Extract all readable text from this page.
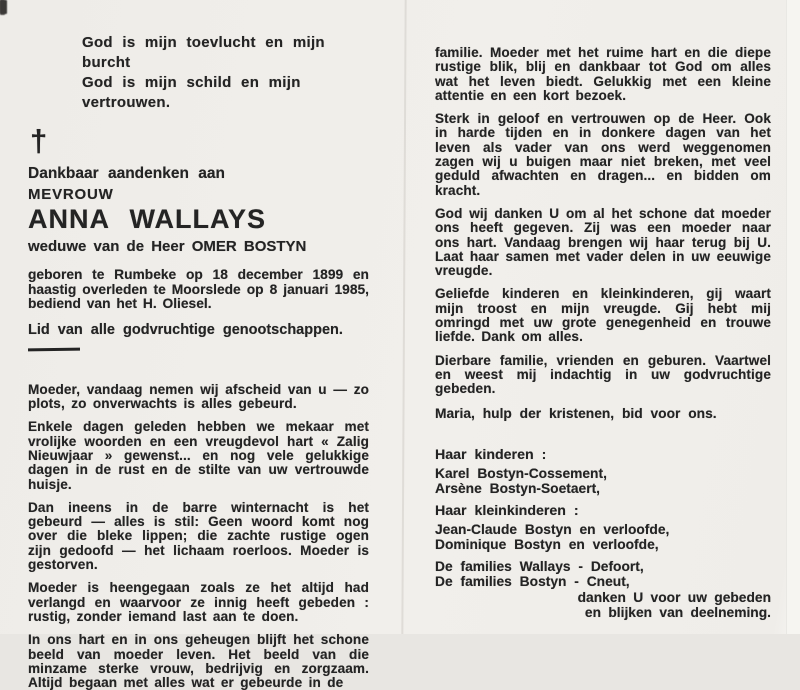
God is mijn toevlucht en mijn burcht
God is mijn schild en mijn vertrouwen.
†
Dankbaar aandenken aan
MEVROUW
ANNA WALLAYS
weduwe van de Heer OMER BOSTYN
geboren te Rumbeke op 18 december 1899 en haastig overleden te Moorslede op 8 januari 1985, bediend van het H. Oliesel.
Lid van alle godvruchtige genootschappen.

Moeder, vandaag nemen wij afscheid van u — zo plots, zo onverwachts is alles gebeurd.

Enkele dagen geleden hebben we mekaar met vrolijke woorden en een vreugdevol hart « Zalig Nieuwjaar » gewenst... en nog vele gelukkige dagen in de rust en de stilte van uw vertrouwde huisje.

Dan ineens in de barre winternacht is het gebeurd — alles is stil: Geen woord komt nog over die bleke lippen; die zachte rustige ogen zijn gedoofd — het lichaam roerloos. Moeder is gestorven.

Moeder is heengegaan zoals ze het altijd had verlangd en waarvoor ze innig heeft gebeden : rustig, zonder iemand last aan te doen.

In ons hart en in ons geheugen blijft het schone beeld van moeder leven. Het beeld van die minzame sterke vrouw, bedrijvig en zorgzaam. Altijd begaan met alles wat er gebeurde in de

familie. Moeder met het ruime hart en die diepe rustige blik, blij en dankbaar tot God om alles wat het leven biedt. Gelukkig met een kleine attentie en een kort bezoek.

Sterk in geloof en vertrouwen op de Heer. Ook in harde tijden en in donkere dagen van het leven als vader van ons werd weggenomen zagen wij u buigen maar niet breken, met veel geduld afwachten en dragen... en bidden om kracht.

God wij danken U om al het schone dat moeder ons heeft gegeven. Zij was een moeder naar ons hart. Vandaag brengen wij haar terug bij U. Laat haar samen met vader delen in uw eeuwige vreugde.

Geliefde kinderen en kleinkinderen, gij waart mijn troost en mijn vreugde. Gij hebt mij omringd met uw grote genegenheid en trouwe liefde. Dank om alles.

Dierbare familie, vrienden en geburen. Vaartwel en weest mij indachtig in uw godvruchtige gebeden.

Maria, hulp der kristenen, bid voor ons.
Haar kinderen :
Karel Bostyn-Cossement,
Arsène Bostyn-Soetaert,
Haar kleinkinderen :
Jean-Claude Bostyn en verloofde,
Dominique Bostyn en verloofde,
De families Wallays - Defoort,
De families Bostyn - Cneut,
danken U voor uw gebeden
en blijken van deelneming.
